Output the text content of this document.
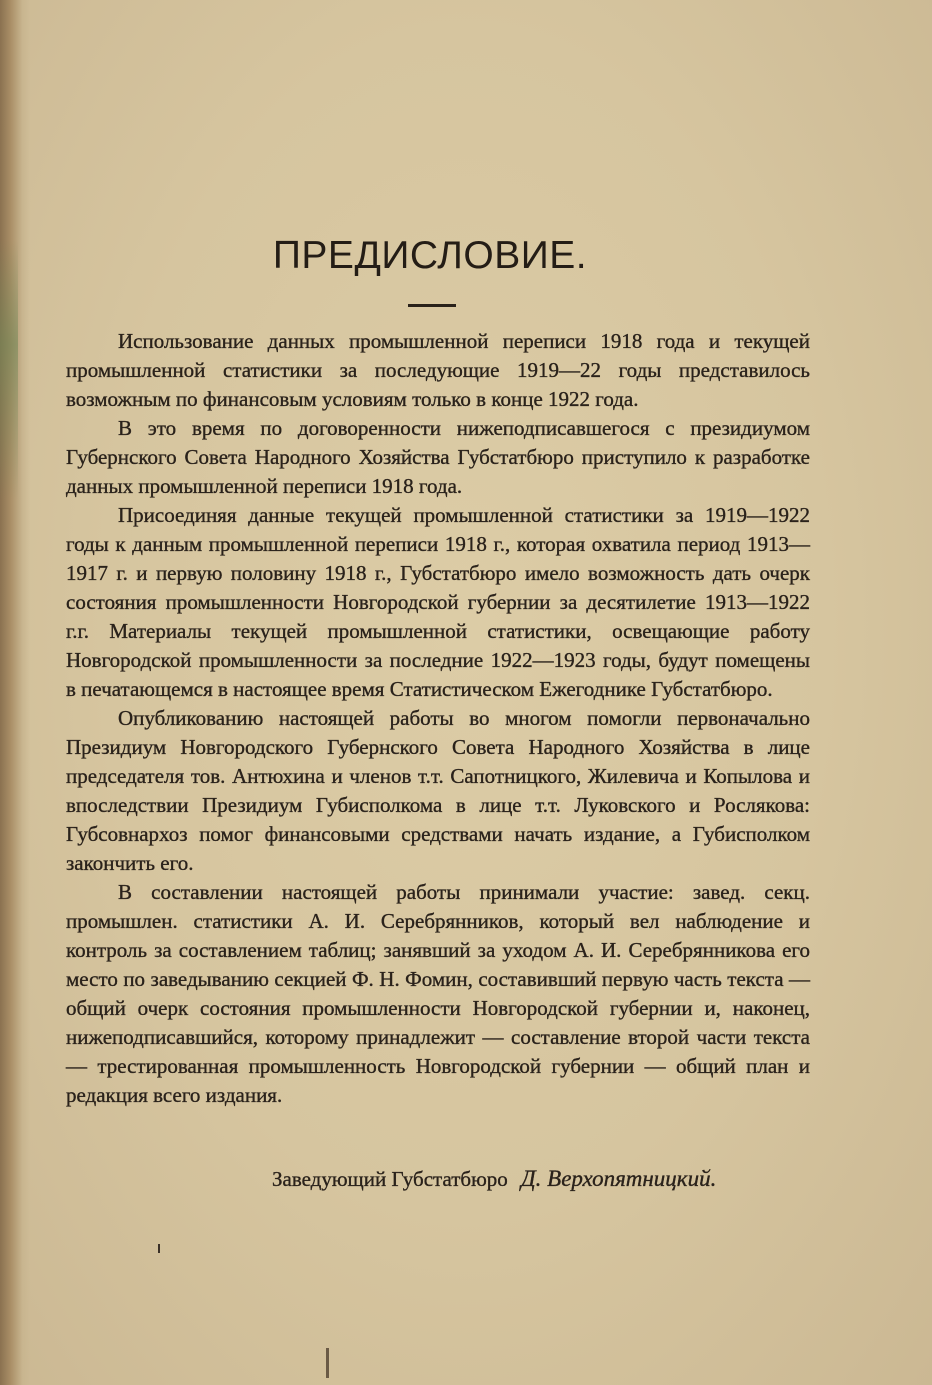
ПРЕДИСЛОВИЕ.

Использование данных промышленной переписи 1918 года и текущей промышленной статистики за последующие 1919—22 годы представилось возможным по финансовым условиям только в конце 1922 года.

В это время по договоренности нижеподписавшегося с президиумом Губернского Совета Народного Хозяйства Губстатбюро приступило к разработке данных промышленной переписи 1918 года.

Присоединяя данные текущей промышленной статистики за 1919—1922 годы к данным промышленной переписи 1918 г., которая охватила период 1913—1917 г. и первую половину 1918 г., Губстатбюро имело возможность дать очерк состояния промышленности Новгородской губернии за десятилетие 1913—1922 г.г. Материалы текущей промышленной статистики, освещающие работу Новгородской промышленности за последние 1922—1923 годы, будут помещены в печатающемся в настоящее время Статистическом Ежегоднике Губстатбюро.

Опубликованию настоящей работы во многом помогли первоначально Президиум Новгородского Губернского Совета Народного Хозяйства в лице председателя тов. Антюхина и членов т.т. Сапотницкого, Жилевича и Копылова и впоследствии Президиум Губисполкома в лице т.т. Луковского и Рослякова: Губсовнархоз помог финансовыми средствами начать издание, а Губисполком закончить его.

В составлении настоящей работы принимали участие: завед. секц. промышлен. статистики А. И. Серебрянников, который вел наблюдение и контроль за составлением таблиц; занявший за уходом А. И. Серебрянникова его место по заведыванию секцией Ф. Н. Фомин, составивший первую часть текста — общий очерк состояния промышленности Новгородской губернии и, наконец, нижеподписавшийся, которому принадлежит — составление второй части текста — трестированная промышленность Новгородской губернии — общий план и редакция всего издания.

Заведующий Губстатбюро Д. Верхопятницкий.
